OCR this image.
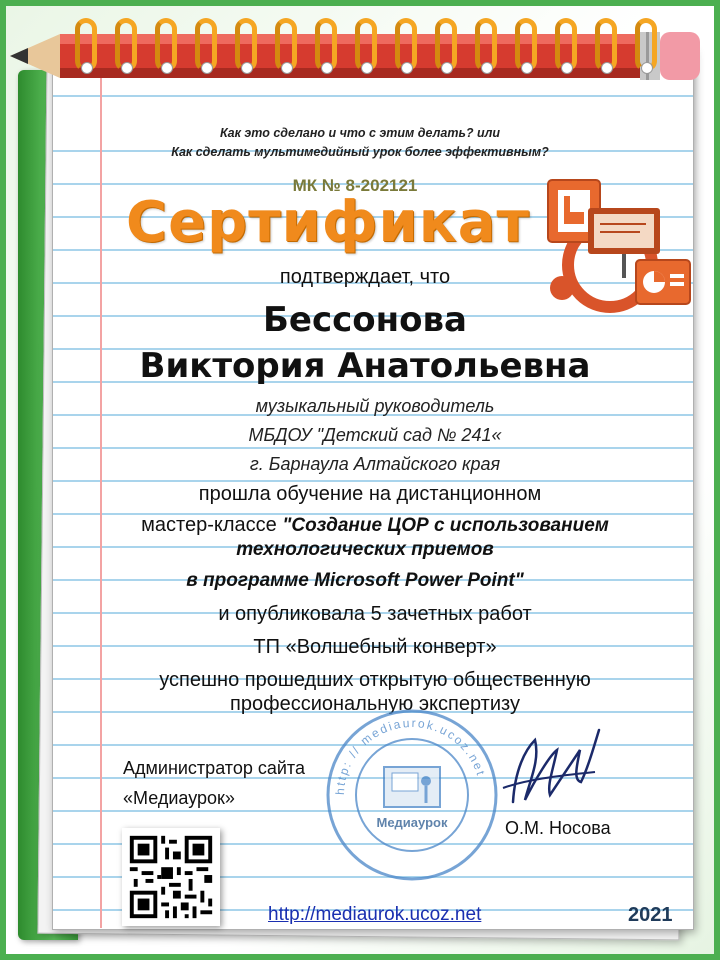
Как это сделано и что с этим делать? или
Как сделать мультимедийный урок более эффективным?
МК № 8-202121
Сертификат
подтверждает, что
Бессонова
Виктория Анатольевна
музыкальный руководитель
МБДОУ "Детский сад № 241«
г. Барнаула Алтайского края
прошла обучение на дистанционном
мастер-классе "Создание ЦОР с использованием
технологических приемов
в программе Microsoft Power Point"
и опубликовала 5 зачетных работ
ТП «Волшебный конверт»
успешно прошедших открытую общественную
профессиональную экспертизу
http: // mediaurok.ucoz.net
Медиаурок
Администратор сайта
«Медиаурок»
О.М. Носова
http://mediaurok.ucoz.net	2021
